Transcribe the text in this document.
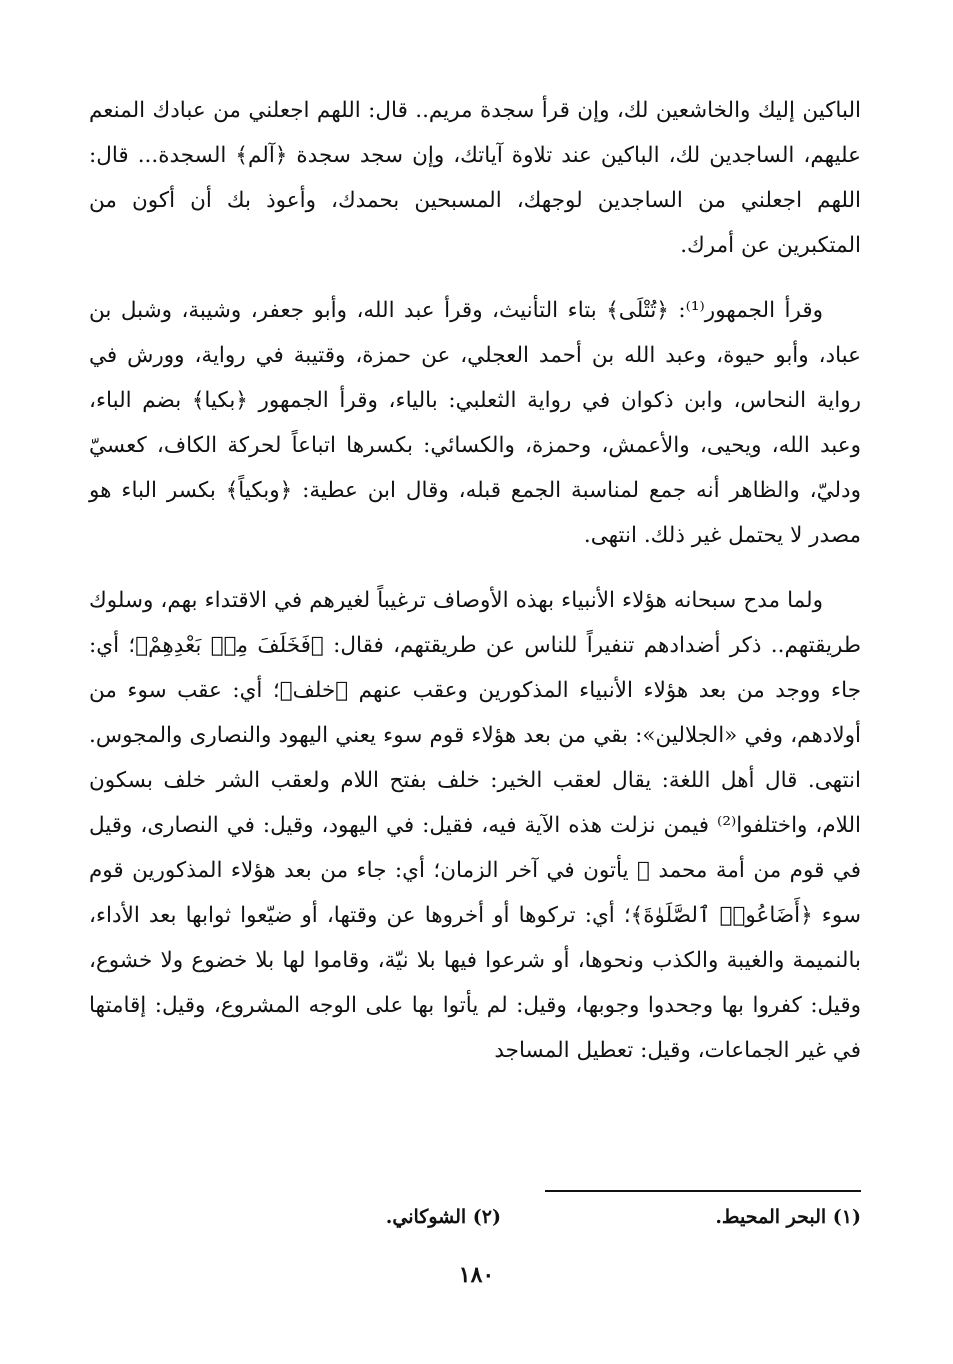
الباكين إليك والخاشعين لك، وإن قرأ سجدة مريم.. قال: اللهم اجعلني من عبادك المنعم عليهم، الساجدين لك، الباكين عند تلاوة آياتك، وإن سجد سجدة ﴿آلم﴾ السجدة... قال: اللهم اجعلني من الساجدين لوجهك، المسبحين بحمدك، وأعوذ بك أن أكون من المتكبرين عن أمرك.

وقرأ الجمهور⁽¹⁾: ﴿تُتْلَى﴾ بتاء التأنيث، وقرأ عبد الله، وأبو جعفر، وشيبة، وشبل بن عباد، وأبو حيوة، وعبد الله بن أحمد العجلي، عن حمزة، وقتيبة في رواية، وورش في رواية النحاس، وابن ذكوان في رواية الثعلبي: بالياء، وقرأ الجمهور ﴿بكيا﴾ بضم الباء، وعبد الله، ويحيى، والأعمش، وحمزة، والكسائي: بكسرها اتباعاً لحركة الكاف، كعسيّ ودليّ، والظاهر أنه جمع لمناسبة الجمع قبله، وقال ابن عطية: ﴿وبكياً﴾ بكسر الباء هو مصدر لا يحتمل غير ذلك. انتهى.

ولما مدح سبحانه هؤلاء الأنبياء بهذه الأوصاف ترغيباً لغيرهم في الاقتداء بهم، وسلوك طريقتهم.. ذكر أضدادهم تنفيراً للناس عن طريقتهم، فقال: ﴿فَخَلَفَ مِنۢ بَعْدِهِمْ﴾؛ أي: جاء ووجد من بعد هؤلاء الأنبياء المذكورين وعقب عنهم ﴿خلف﴾؛ أي: عقب سوء من أولادهم، وفي «الجلالين»: بقي من بعد هؤلاء قوم سوء يعني اليهود والنصارى والمجوس. انتهى. قال أهل اللغة: يقال لعقب الخير: خلف بفتح اللام ولعقب الشر خلف بسكون اللام، واختلفوا⁽²⁾ فيمن نزلت هذه الآية فيه، فقيل: في اليهود، وقيل: في النصارى، وقيل في قوم من أمة محمد ﷺ يأتون في آخر الزمان؛ أي: جاء من بعد هؤلاء المذكورين قوم سوء ﴿أَضَاعُوا۟ ٱلصَّلَوٰةَ﴾؛ أي: تركوها أو أخروها عن وقتها، أو ضيّعوا ثوابها بعد الأداء، بالنميمة والغيبة والكذب ونحوها، أو شرعوا فيها بلا نيّة، وقاموا لها بلا خضوع ولا خشوع، وقيل: كفروا بها وجحدوا وجوبها، وقيل: لم يأتوا بها على الوجه المشروع، وقيل: إقامتها في غير الجماعات، وقيل: تعطيل المساجد

(١) البحر المحيط.
(٢) الشوكاني.
١٨٠
